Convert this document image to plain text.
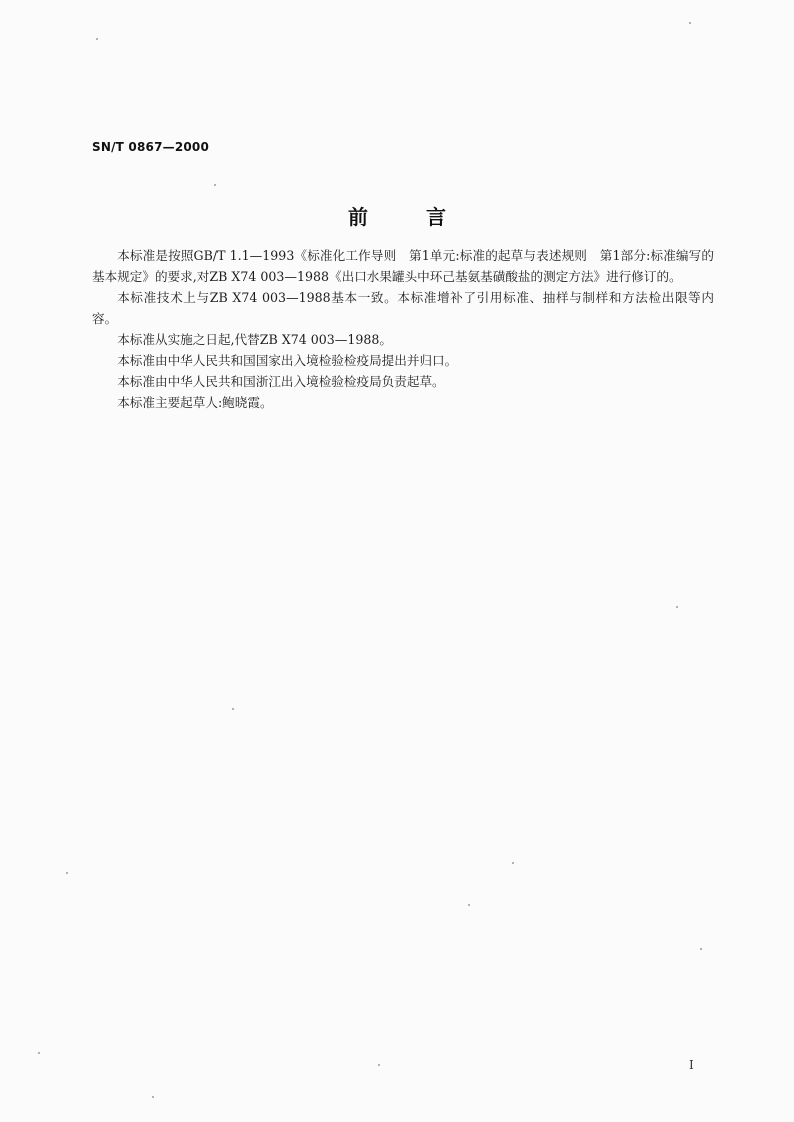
SN/T 0867—2000
前言

本标准是按照GB/T 1.1—1993《标准化工作导则　第1单元:标准的起草与表述规则　第1部分:标准编写的基本规定》的要求,对ZB X74 003—1988《出口水果罐头中环己基氨基磺酸盐的测定方法》进行修订的。

本标准技术上与ZB X74 003—1988基本一致。本标准增补了引用标准、抽样与制样和方法检出限等内容。

本标准从实施之日起,代替ZB X74 003—1988。

本标准由中华人民共和国国家出入境检验检疫局提出并归口。

本标准由中华人民共和国浙江出入境检验检疫局负责起草。

本标准主要起草人:鲍晓霞。

I
